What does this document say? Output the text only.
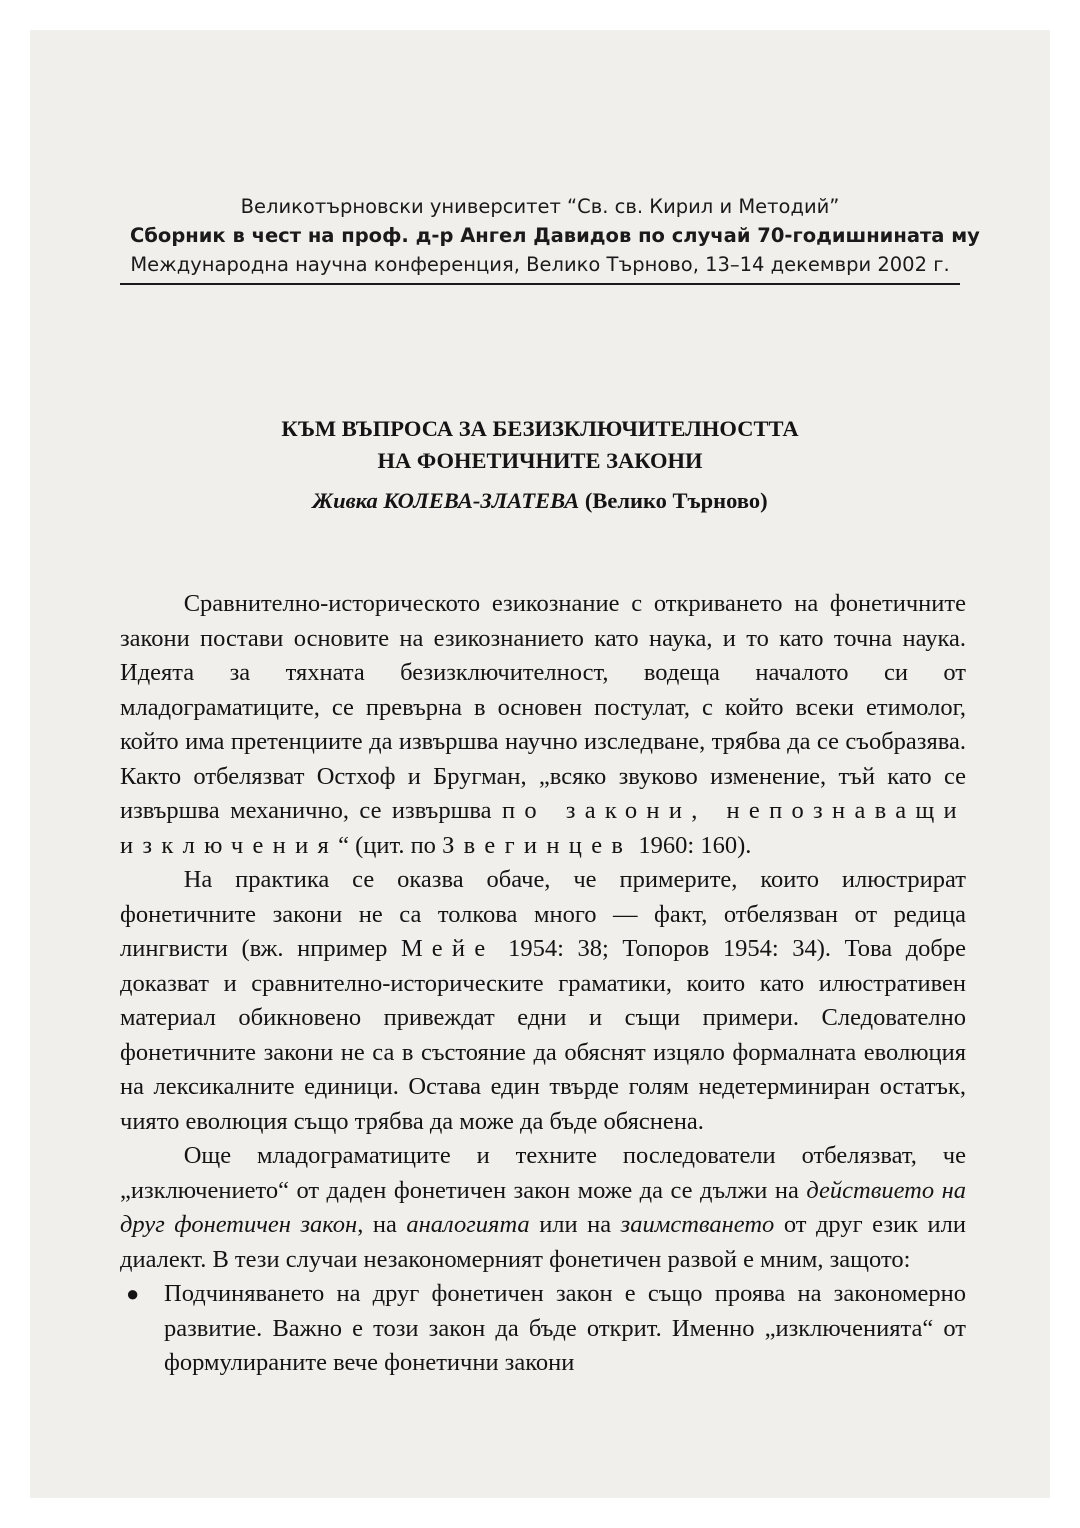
Великотърновски университет “Св. св. Кирил и Методий”
Сборник в чест на проф. д-р Ангел Давидов по случай 70-годишнината му
Международна научна конференция, Велико Търново, 13–14 декември 2002 г.
КЪМ ВЪПРОСА ЗА БЕЗИЗКЛЮЧИТЕЛНОСТТА
НА ФОНЕТИЧНИТЕ ЗАКОНИ
Живка КОЛЕВА-ЗЛАТЕВА (Велико Търново)

Сравнително-историческото езикознание с откриването на фонетичните закони постави основите на езикознанието като наука, и то като точна наука. Идеята за тяхната безизключителност, водеща началото си от младограматиците, се превърна в основен постулат, с който всеки етимолог, който има претенциите да извършва научно изследване, трябва да се съобразява. Както отбелязват Остхоф и Бругман, „всяко звуково изменение, тъй като се извършва механично, се извършва по закони, непознаващи изключения“ (цит. по Звегинцев 1960: 160).

На практика се оказва обаче, че примерите, които илюстрират фонетичните закони не са толкова много — факт, отбелязван от редица лингвисти (вж. нпример Мейе 1954: 38; Топоров 1954: 34). Това добре доказват и сравнително-историческите граматики, които като илюстративен материал обикновено привеждат едни и същи примери. Следователно фонетичните закони не са в състояние да обяснят изцяло формалната еволюция на лексикалните единици. Остава един твърде голям недетерминиран остатък, чиято еволюция също трябва да може да бъде обяснена.

Още младограматиците и техните последователи отбелязват, че „изключението“ от даден фонетичен закон може да се дължи на действието на друг фонетичен закон, на аналогията или на заимстването от друг език или диалект. В тези случаи незакономерният фонетичен развой е мним, защото:

● Подчиняването на друг фонетичен закон е също проява на закономерно развитие. Важно е този закон да бъде открит. Именно „изключенията“ от формулираните вече фонетични закони
